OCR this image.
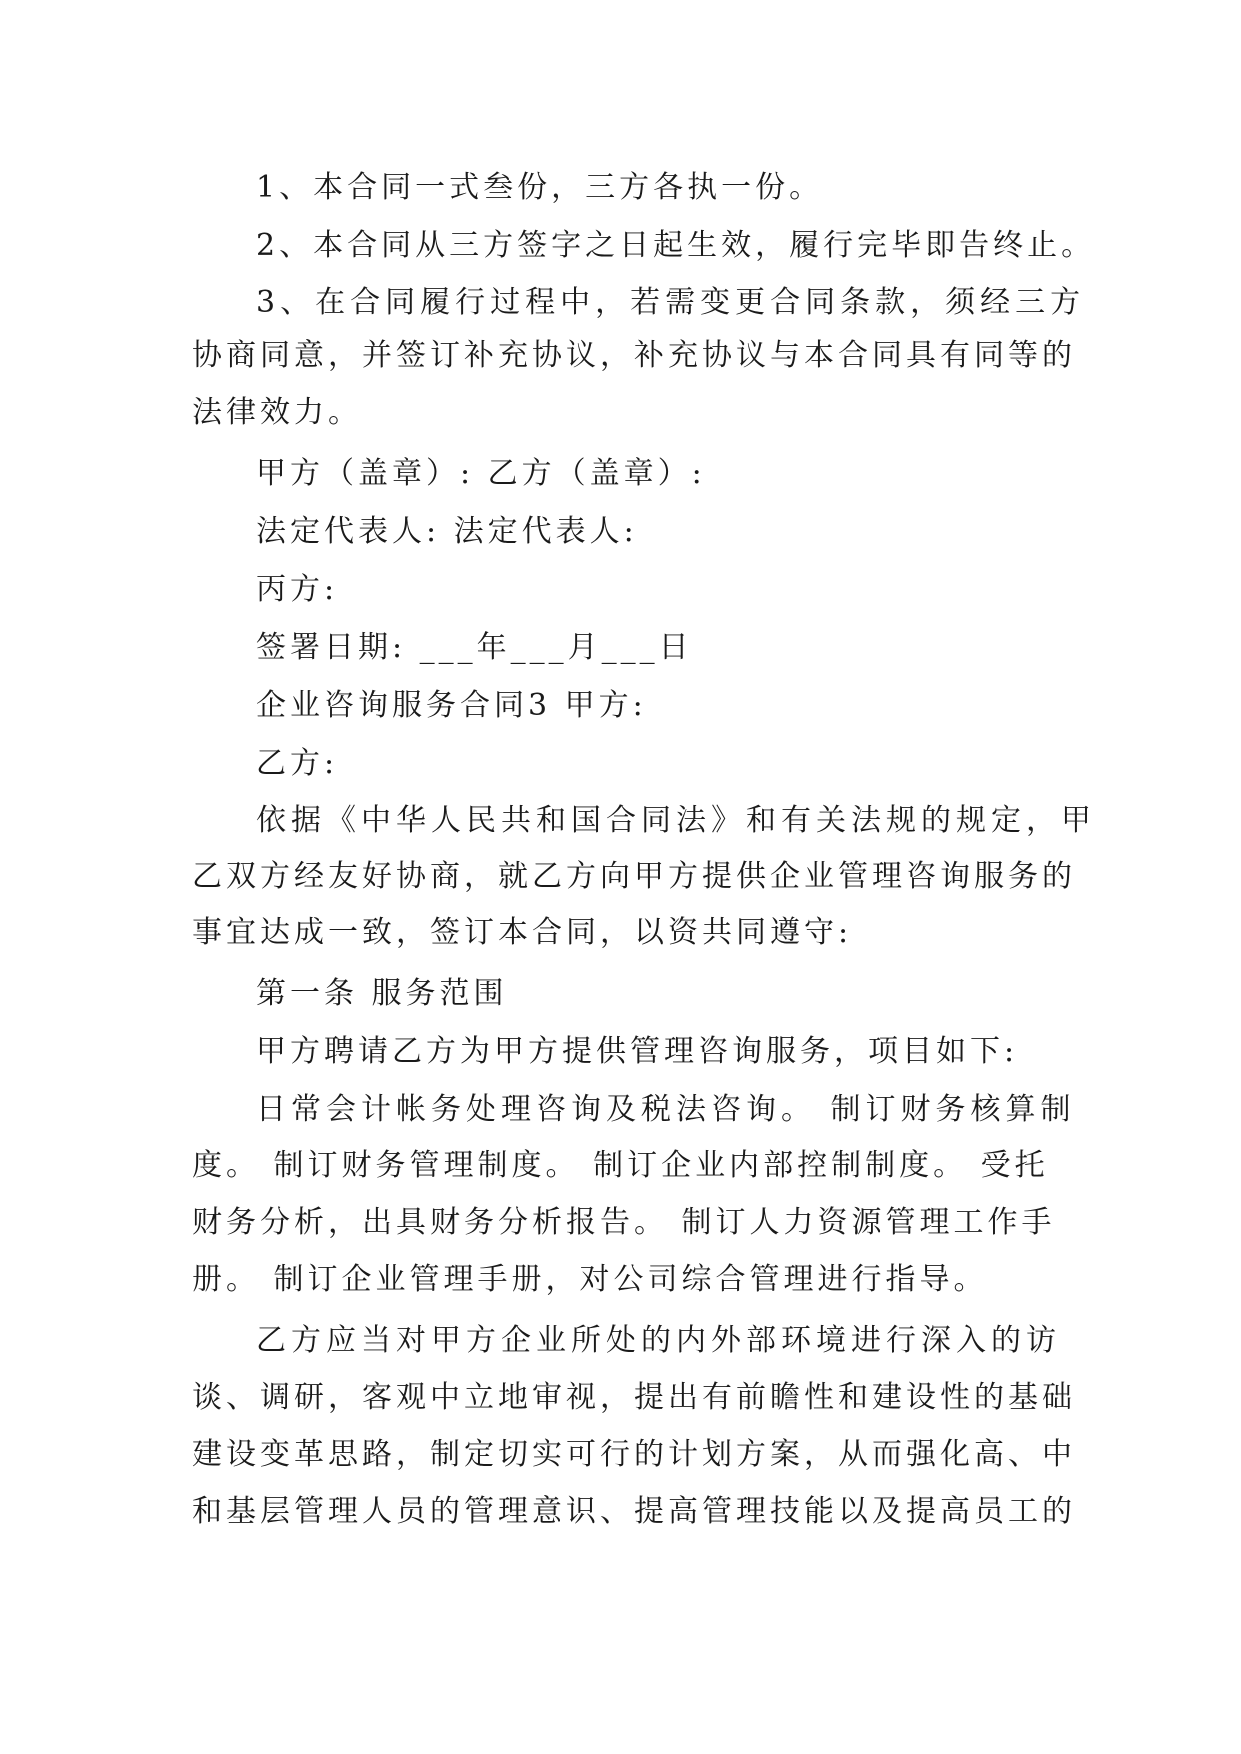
1、本合同一式叁份，三方各执一份。
2、本合同从三方签字之日起生效，履行完毕即告终止。
3、在合同履行过程中，若需变更合同条款，须经三方
协商同意，并签订补充协议，补充协议与本合同具有同等的
法律效力。
甲方（盖章）: 乙方（盖章）:
法定代表人: 法定代表人:
丙方:
签署日期: ___年___月___日
企业咨询服务合同3 甲方:
乙方:
依据《中华人民共和国合同法》和有关法规的规定，甲
乙双方经友好协商，就乙方向甲方提供企业管理咨询服务的
事宜达成一致，签订本合同，以资共同遵守:
第一条 服务范围
甲方聘请乙方为甲方提供管理咨询服务，项目如下:
日常会计帐务处理咨询及税法咨询。 制订财务核算制
度。 制订财务管理制度。 制订企业内部控制制度。 受托
财务分析，出具财务分析报告。 制订人力资源管理工作手
册。 制订企业管理手册，对公司综合管理进行指导。
乙方应当对甲方企业所处的内外部环境进行深入的访
谈、调研，客观中立地审视，提出有前瞻性和建设性的基础
建设变革思路，制定切实可行的计划方案，从而强化高、中
和基层管理人员的管理意识、提高管理技能以及提高员工的
